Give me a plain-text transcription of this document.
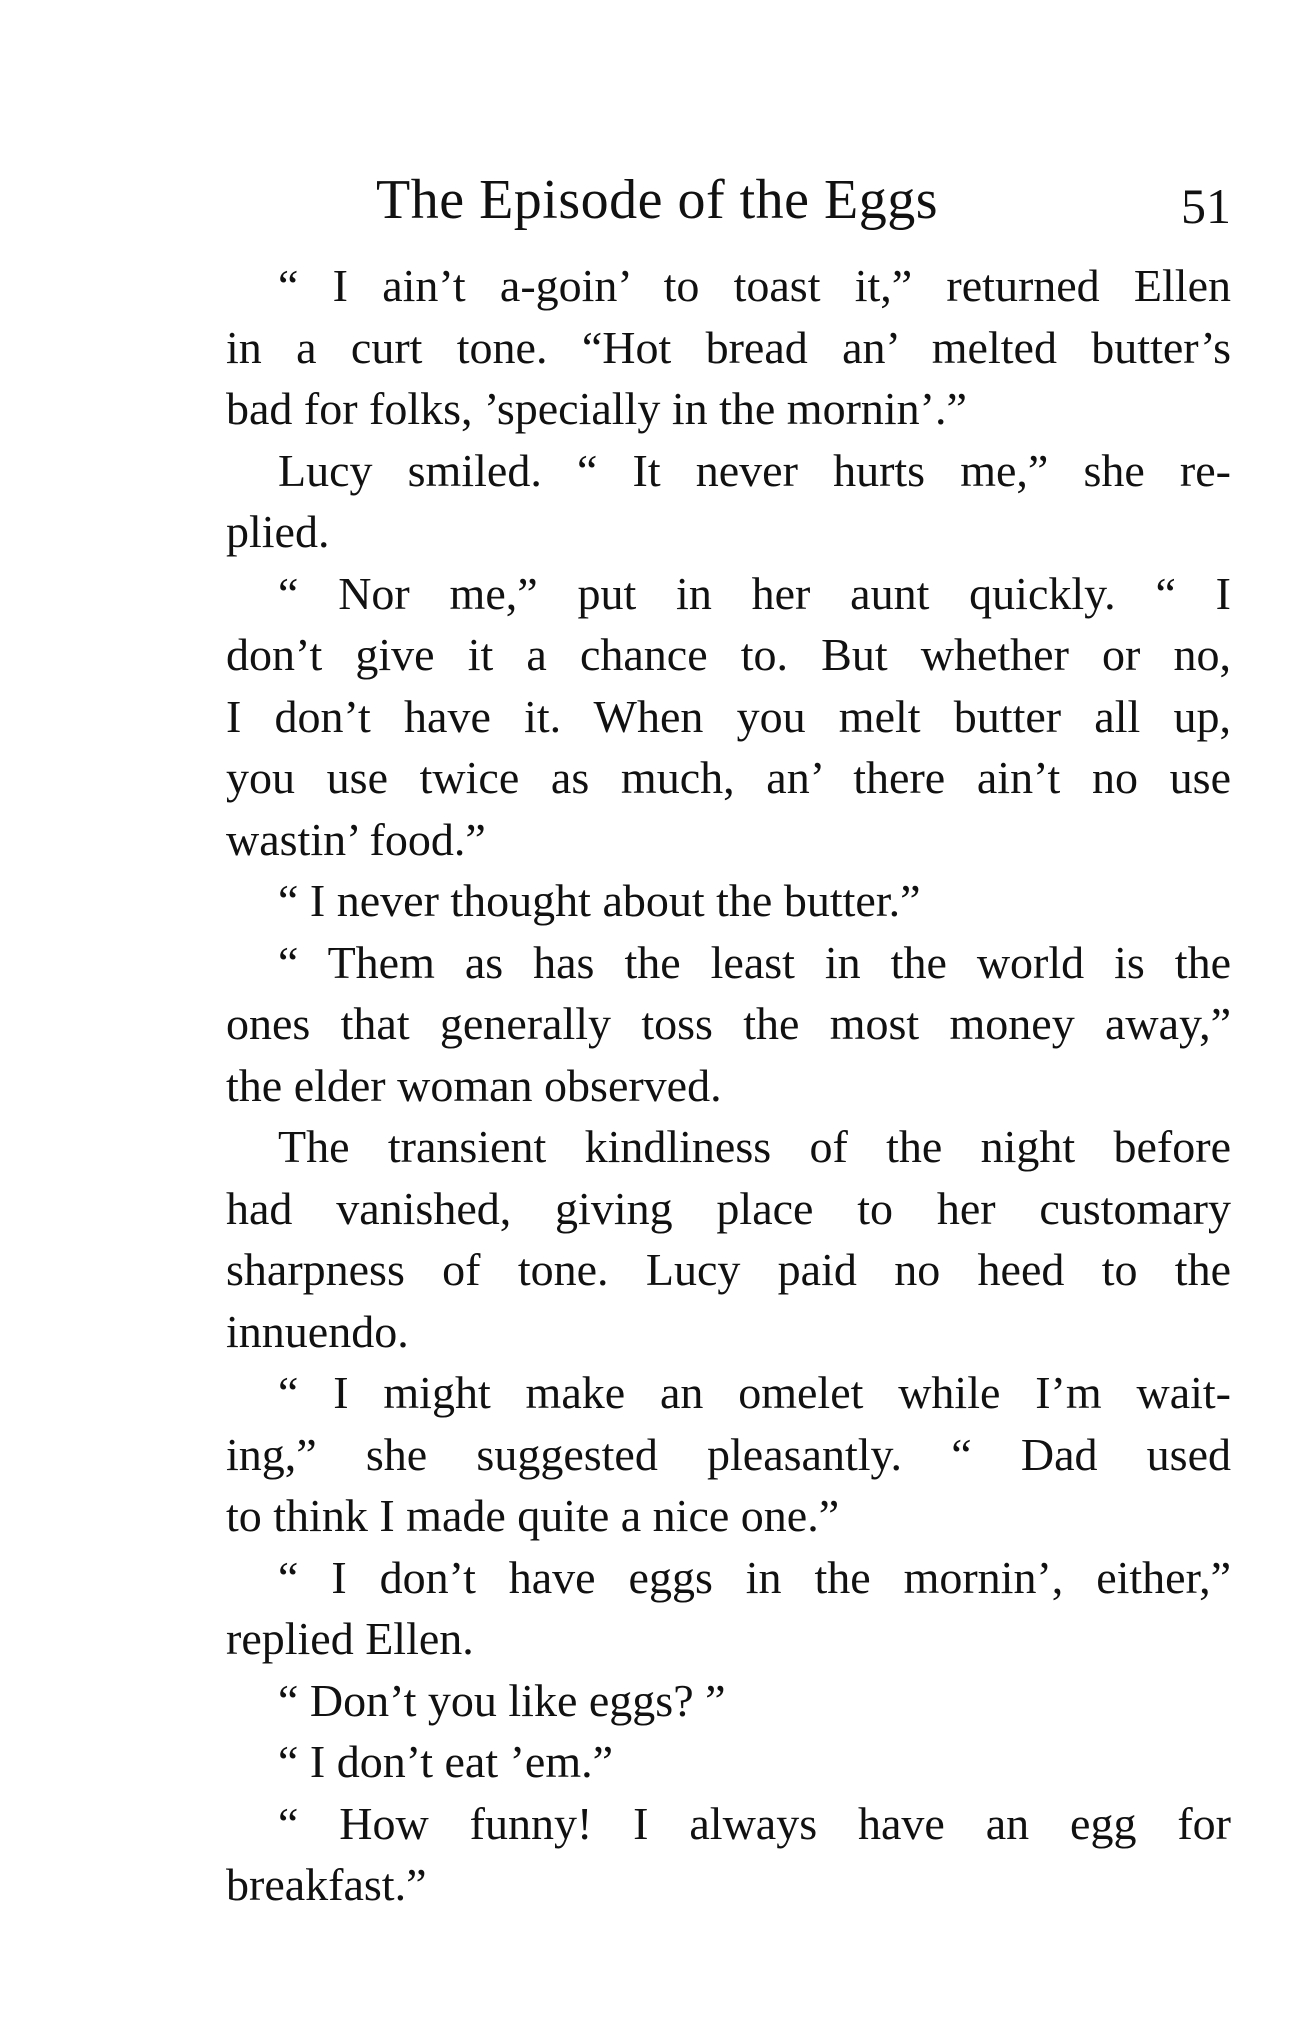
The Episode of the Eggs	51
“ I ain’t a-goin’ to toast it,” returned Ellen
in a curt tone. “Hot bread an’ melted butter’s
bad for folks, ’specially in the mornin’.”
Lucy smiled. “ It never hurts me,” she re-
plied.
“ Nor me,” put in her aunt quickly. “ I
don’t give it a chance to. But whether or no,
I don’t have it. When you melt butter all up,
you use twice as much, an’ there ain’t no use
wastin’ food.”
“ I never thought about the butter.”
“ Them as has the least in the world is the
ones that generally toss the most money away,”
the elder woman observed.
The transient kindliness of the night before
had vanished, giving place to her customary
sharpness of tone. Lucy paid no heed to the
innuendo.
“ I might make an omelet while I’m wait-
ing,” she suggested pleasantly. “ Dad used
to think I made quite a nice one.”
“ I don’t have eggs in the mornin’, either,”
replied Ellen.
“ Don’t you like eggs? ”
“ I don’t eat ’em.”
“ How funny! I always have an egg for
breakfast.”
